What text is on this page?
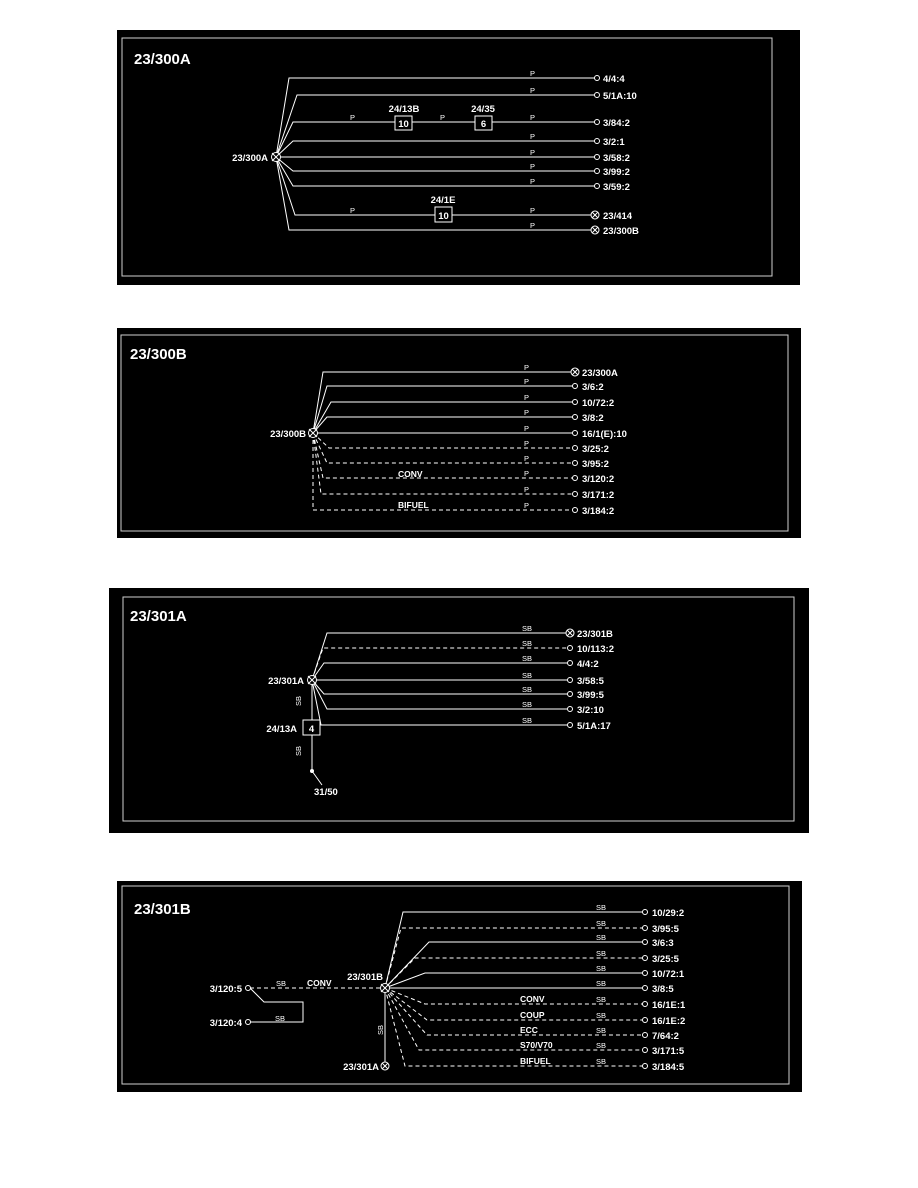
23/300A
10
24/13B
6
24/35
10
24/1E
P
P
P	P	P
P
P
P
P
P	P
P
4/4:4
5/1A:10
3/84:2
3/2:1
3/58:2
3/99:2
3/59:2
23/414
23/300B
23/300A
23/300B
P
P
P
P
P
P
P
P
P
P
CONV
BIFUEL
23/300A
3/6:2
10/72:2
3/8:2
16/1(E):10
3/25:2
3/95:2
3/120:2
3/171:2
3/184:2
23/300B
23/301A
4
24/13A
31/50
SB
SB
SB
SB
SB
SB
SB
SB
SB
23/301B
10/113:2
4/4:2
3/58:5
3/99:5
3/2:10
5/1A:17
23/301A
23/301B
SB
23/301A
3/120:5
3/120:4
SB
SB
CONV
CONV
COUP
ECC
S70/V70
BIFUEL
SB
SB
SB
SB
SB
SB
SB
SB
SB
SB
SB
10/29:2
3/95:5
3/6:3
3/25:5
10/72:1
3/8:5
16/1E:1
16/1E:2
7/64:2
3/171:5
3/184:5
23/301B
